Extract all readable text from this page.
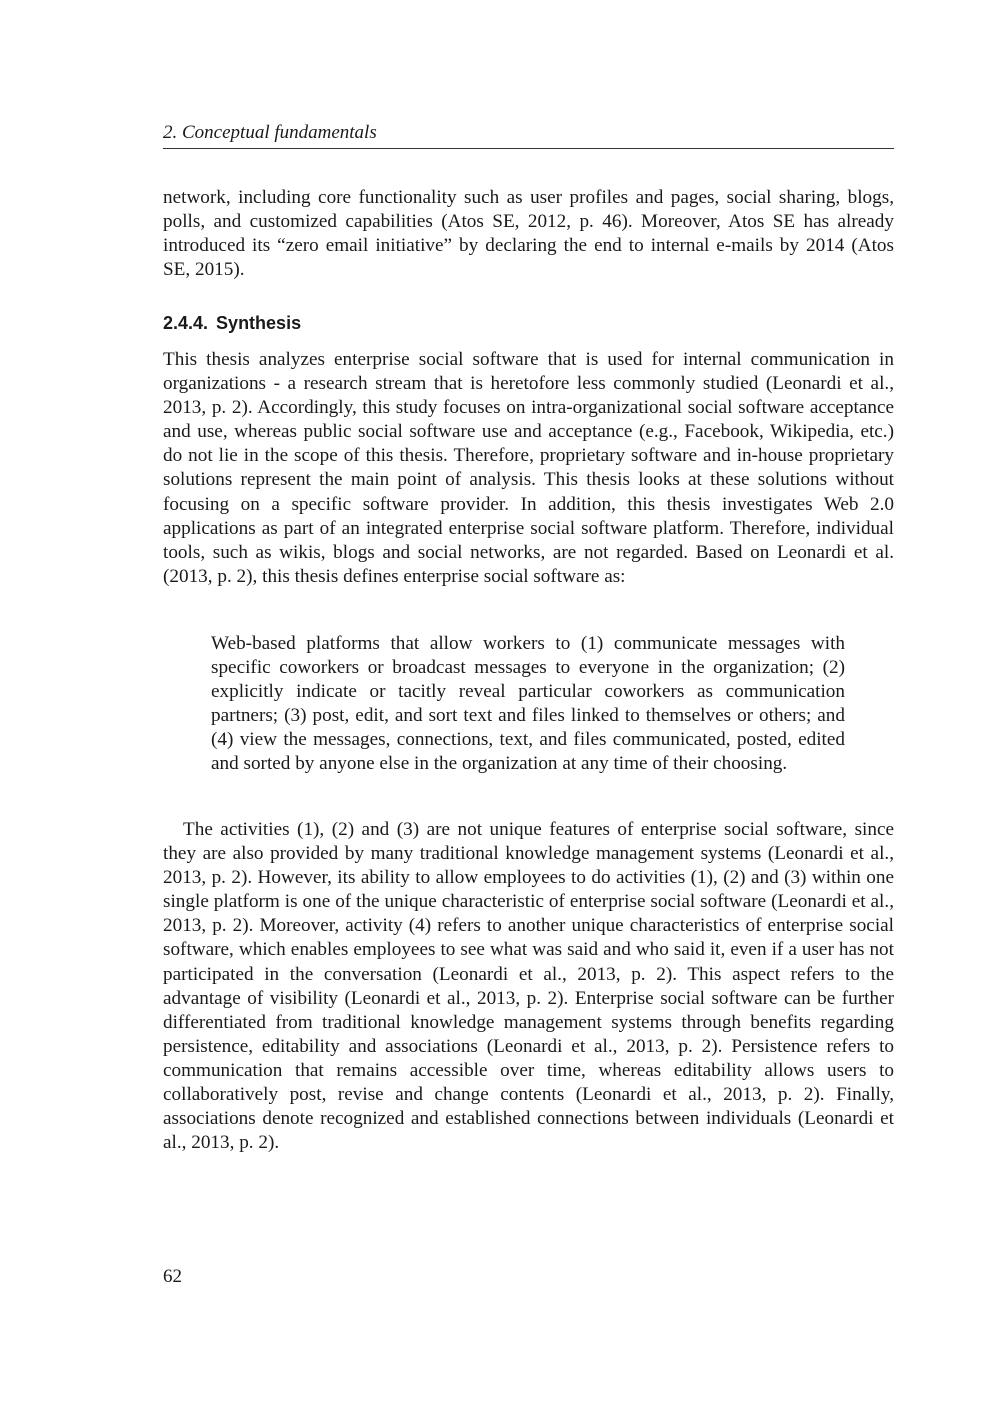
2. Conceptual fundamentals

network, including core functionality such as user profiles and pages, social sharing, blogs, polls, and customized capabilities (Atos SE, 2012, p. 46). Moreover, Atos SE has already introduced its “zero email initiative” by declaring the end to internal e-mails by 2014 (Atos SE, 2015).

2.4.4. Synthesis

This thesis analyzes enterprise social software that is used for internal communication in organizations - a research stream that is heretofore less commonly studied (Leonardi et al., 2013, p. 2). Accordingly, this study focuses on intra-organizational social software acceptance and use, whereas public social software use and acceptance (e.g., Facebook, Wikipedia, etc.) do not lie in the scope of this thesis. Therefore, proprietary software and in-house proprietary solutions represent the main point of analysis. This thesis looks at these solutions without focusing on a specific software provider. In addition, this thesis investigates Web 2.0 applications as part of an integrated enterprise social software platform. Therefore, individual tools, such as wikis, blogs and social networks, are not regarded. Based on Leonardi et al. (2013, p. 2), this thesis defines enterprise social software as:

Web-based platforms that allow workers to (1) communicate messages with specific coworkers or broadcast messages to everyone in the organization; (2) explicitly indicate or tacitly reveal particular coworkers as communication partners; (3) post, edit, and sort text and files linked to themselves or others; and (4) view the messages, connections, text, and files communicated, posted, edited and sorted by anyone else in the organization at any time of their choosing.

The activities (1), (2) and (3) are not unique features of enterprise social software, since they are also provided by many traditional knowledge management systems (Leonardi et al., 2013, p. 2). However, its ability to allow employees to do activities (1), (2) and (3) within one single platform is one of the unique characteristic of enterprise social software (Leonardi et al., 2013, p. 2). Moreover, activity (4) refers to another unique characteristics of enterprise social software, which enables employees to see what was said and who said it, even if a user has not participated in the conversation (Leonardi et al., 2013, p. 2). This aspect refers to the advantage of visibility (Leonardi et al., 2013, p. 2). Enterprise social software can be further differentiated from traditional knowledge management systems through benefits regarding persistence, editability and associations (Leonardi et al., 2013, p. 2). Persistence refers to communication that remains accessible over time, whereas editability allows users to collaboratively post, revise and change contents (Leonardi et al., 2013, p. 2). Finally, associations denote recognized and established connections between individuals (Leonardi et al., 2013, p. 2).

62
